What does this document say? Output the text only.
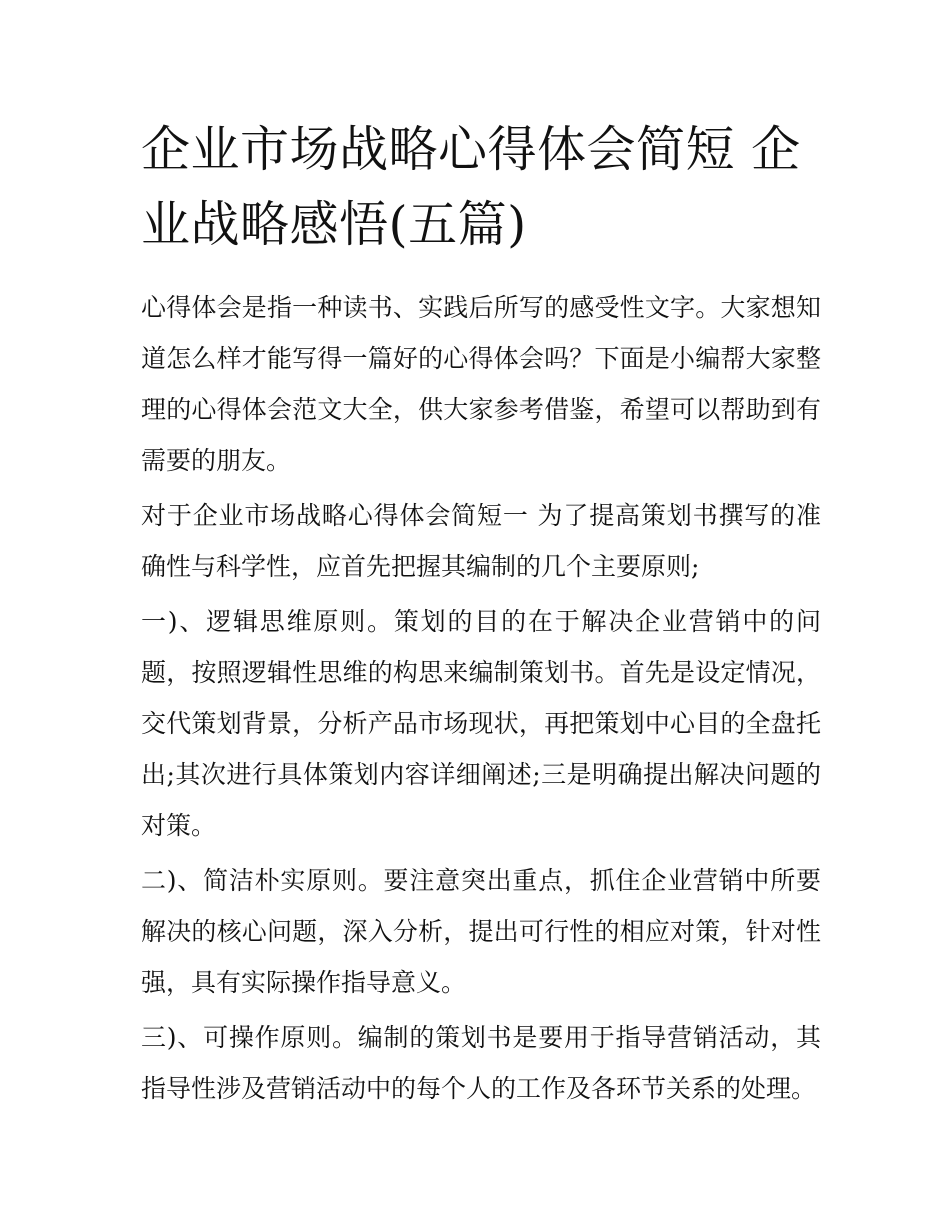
企业市场战略心得体会简短 企业战略感悟(五篇)

心得体会是指一种读书、实践后所写的感受性文字。大家想知道怎么样才能写得一篇好的心得体会吗？下面是小编帮大家整理的心得体会范文大全，供大家参考借鉴，希望可以帮助到有需要的朋友。

对于企业市场战略心得体会简短一 为了提高策划书撰写的准确性与科学性，应首先把握其编制的几个主要原则;

一)、逻辑思维原则。策划的目的在于解决企业营销中的问题，按照逻辑性思维的构思来编制策划书。首先是设定情况，交代策划背景，分析产品市场现状，再把策划中心目的全盘托出;其次进行具体策划内容详细阐述;三是明确提出解决问题的对策。

二)、简洁朴实原则。要注意突出重点，抓住企业营销中所要解决的核心问题，深入分析，提出可行性的相应对策，针对性强，具有实际操作指导意义。

三)、可操作原则。编制的策划书是要用于指导营销活动，其指导性涉及营销活动中的每个人的工作及各环节关系的处理。
